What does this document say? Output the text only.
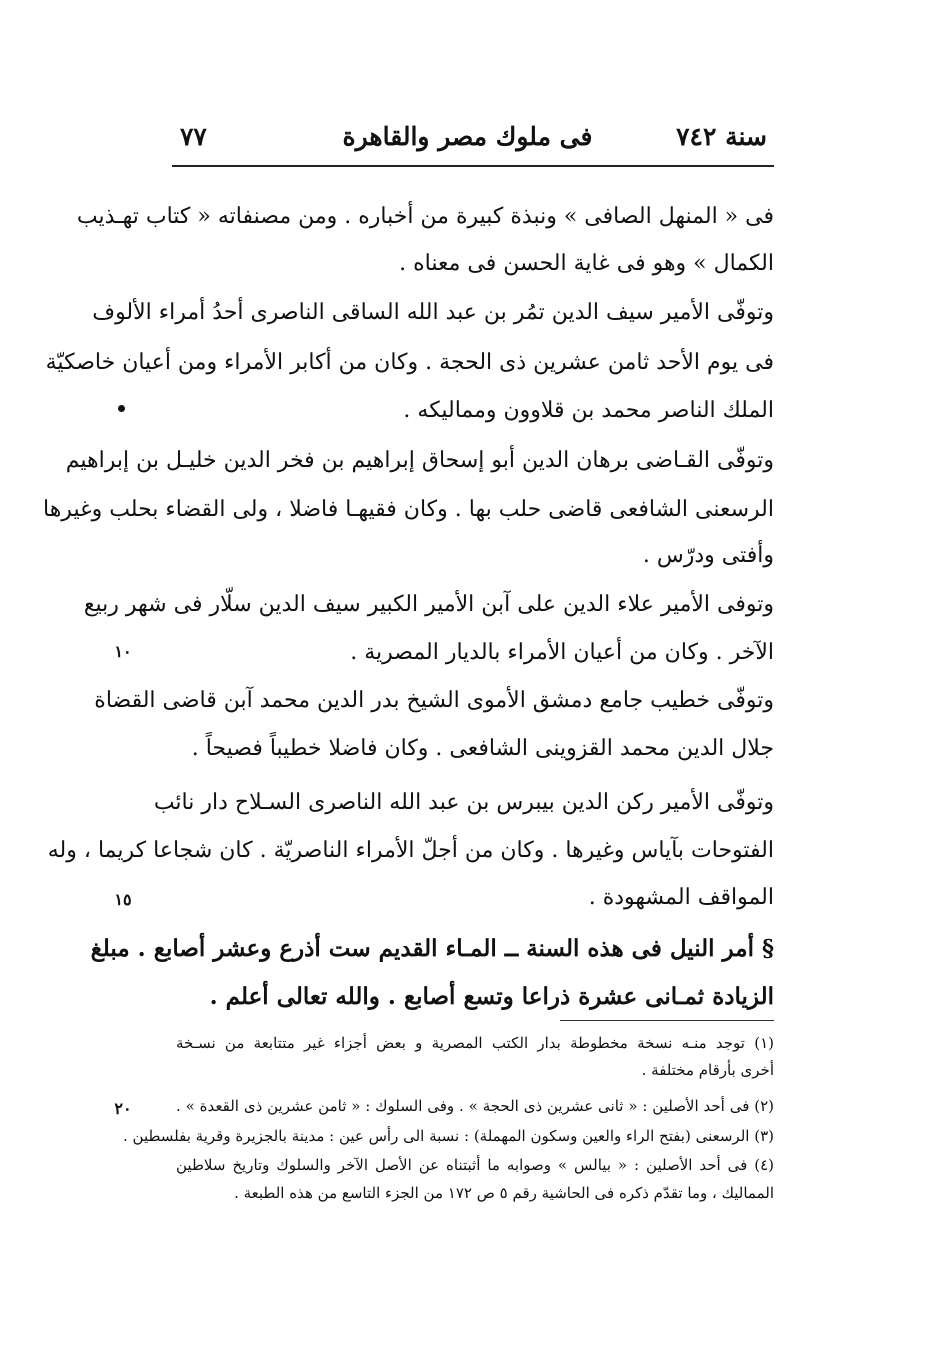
٧٧	فى ملوك مصر والقاهرة	سنة ٧٤٢
فى « المنهل الصافى » ونبذة كبيرة من أخباره . ومن مصنفاته « كتاب تهـذيب
الكمال » وهو فى غاية الحسن فى معناه .
وتوفّى الأمير سيف الدين تمُر بن عبد الله الساقى الناصرى أحدُ أمراء الألوف
فى يوم الأحد ثامن عشرين ذى الحجة . وكان من أكابر الأمراء ومن أعيان خاصكيّة
الملك الناصر محمد بن قلاوون ومماليكه .
وتوفّى القـاضى برهان الدين أبو إسحاق إبراهيم بن فخر الدين خليـل بن إبراهيم
الرسعنى الشافعى قاضى حلب بها . وكان فقيهـا فاضلا ، ولى القضاء بحلب وغيرها
وأفتى ودرّس .
وتوفى الأمير علاء الدين على آبن الأمير الكبير سيف الدين سلّار فى شهر ربيع
الآخر . وكان من أعيان الأمراء بالديار المصرية .
وتوفّى خطيب جامع دمشق الأموى الشيخ بدر الدين محمد آبن قاضى القضاة
جلال الدين محمد القزوينى الشافعى . وكان فاضلا خطيباً فصيحاً .
وتوفّى الأمير ركن الدين بيبرس بن عبد الله الناصرى السـلاح دار نائب
الفتوحات بآياس وغيرها . وكان من أجلّ الأمراء الناصريّة . كان شجاعا كريما ، وله
المواقف المشهودة .
§ أمر النيل فى هذه السنة ــ المـاء القديم ست أذرع وعشر أصابع . مبلغ
الزيادة ثمـانى عشرة ذراعا وتسع أصابع . والله تعالى أعلم .
(١) توجد منـه نسخة مخطوطة بدار الكتب المصرية و بعض أجزاء غير متتابعة من نسـخة
أخرى بأرقام مختلفة .
(٢) فى أحد الأصلين : « ثانى عشرين ذى الحجة » . وفى السلوك : « ثامن عشرين ذى القعدة » .
(٣) الرسعنى (بفتح الراء والعين وسكون المهملة) : نسبة الى رأس عين : مدينة بالجزيرة وقرية بفلسطين .
(٤) فى أحد الأصلين : « بيالس » وصوابه ما أثبتناه عن الأصل الآخر والسلوك وتاريخ سلاطين
المماليك ، وما تقدّم ذكره فى الحاشية رقم ٥ ص ١٧٢ من الجزء التاسع من هذه الطبعة .
١٠
١٥
٢٠
